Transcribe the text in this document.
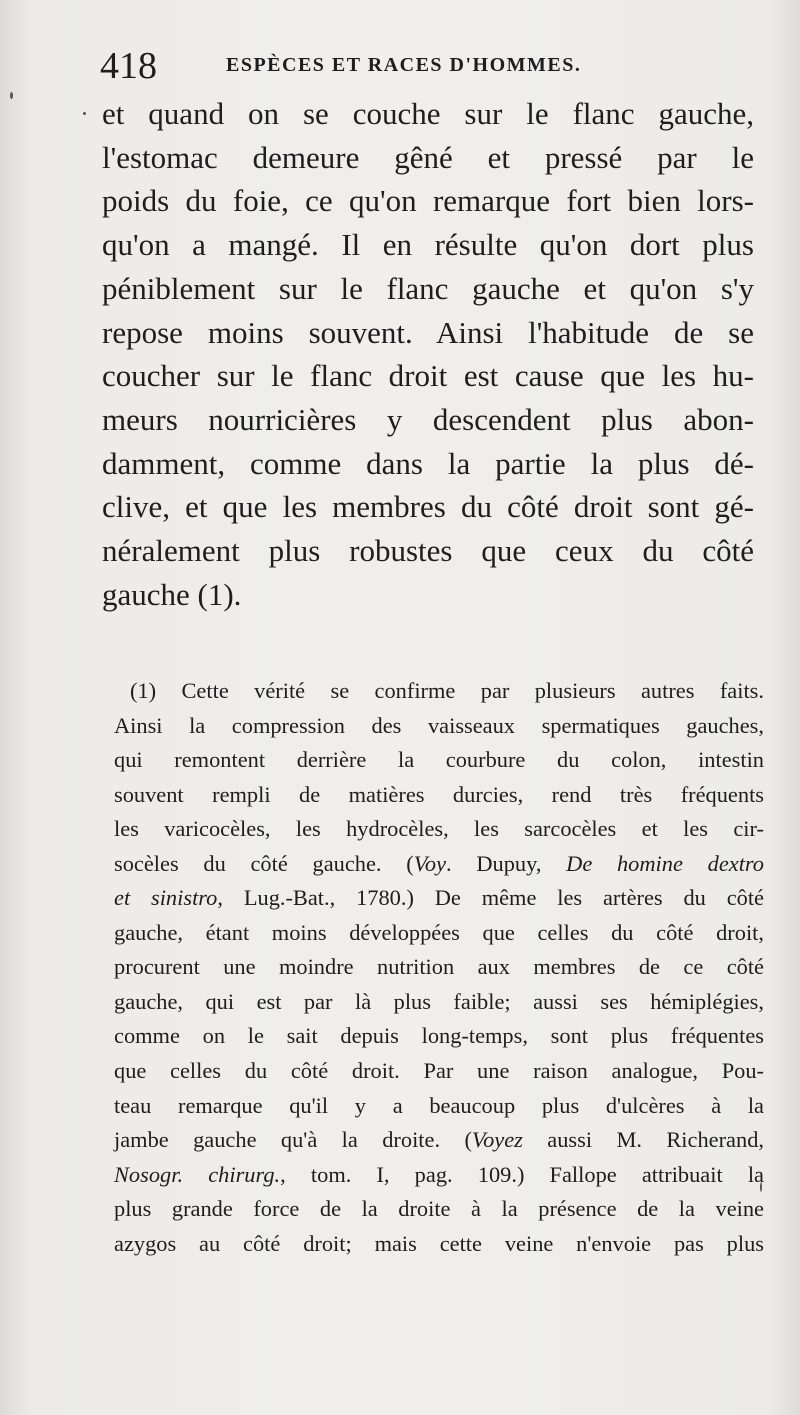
418	ESPÈCES ET RACES D'HOMMES.
et quand on se couche sur le flanc gauche,
l'estomac demeure gêné et pressé par le
poids du foie, ce qu'on remarque fort bien lors-
qu'on a mangé. Il en résulte qu'on dort plus
péniblement sur le flanc gauche et qu'on s'y
repose moins souvent. Ainsi l'habitude de se
coucher sur le flanc droit est cause que les hu-
meurs nourricières y descendent plus abon-
damment, comme dans la partie la plus dé-
clive, et que les membres du côté droit sont gé-
néralement plus robustes que ceux du côté
gauche (1).
(1) Cette vérité se confirme par plusieurs autres faits.
Ainsi la compression des vaisseaux spermatiques gauches,
qui remontent derrière la courbure du colon, intestin
souvent rempli de matières durcies, rend très fréquents
les varicocèles, les hydrocèles, les sarcocèles et les cir-
socèles du côté gauche. (Voy. Dupuy, De homine dextro
et sinistro, Lug.-Bat., 1780.) De même les artères du côté
gauche, étant moins développées que celles du côté droit,
procurent une moindre nutrition aux membres de ce côté
gauche, qui est par là plus faible; aussi ses hémiplégies,
comme on le sait depuis long-temps, sont plus fréquentes
que celles du côté droit. Par une raison analogue, Pou-
teau remarque qu'il y a beaucoup plus d'ulcères à la
jambe gauche qu'à la droite. (Voyez aussi M. Richerand,
Nosogr. chirurg., tom. I, pag. 109.) Fallope attribuait la
plus grande force de la droite à la présence de la veine
azygos au côté droit; mais cette veine n'envoie pas plus
